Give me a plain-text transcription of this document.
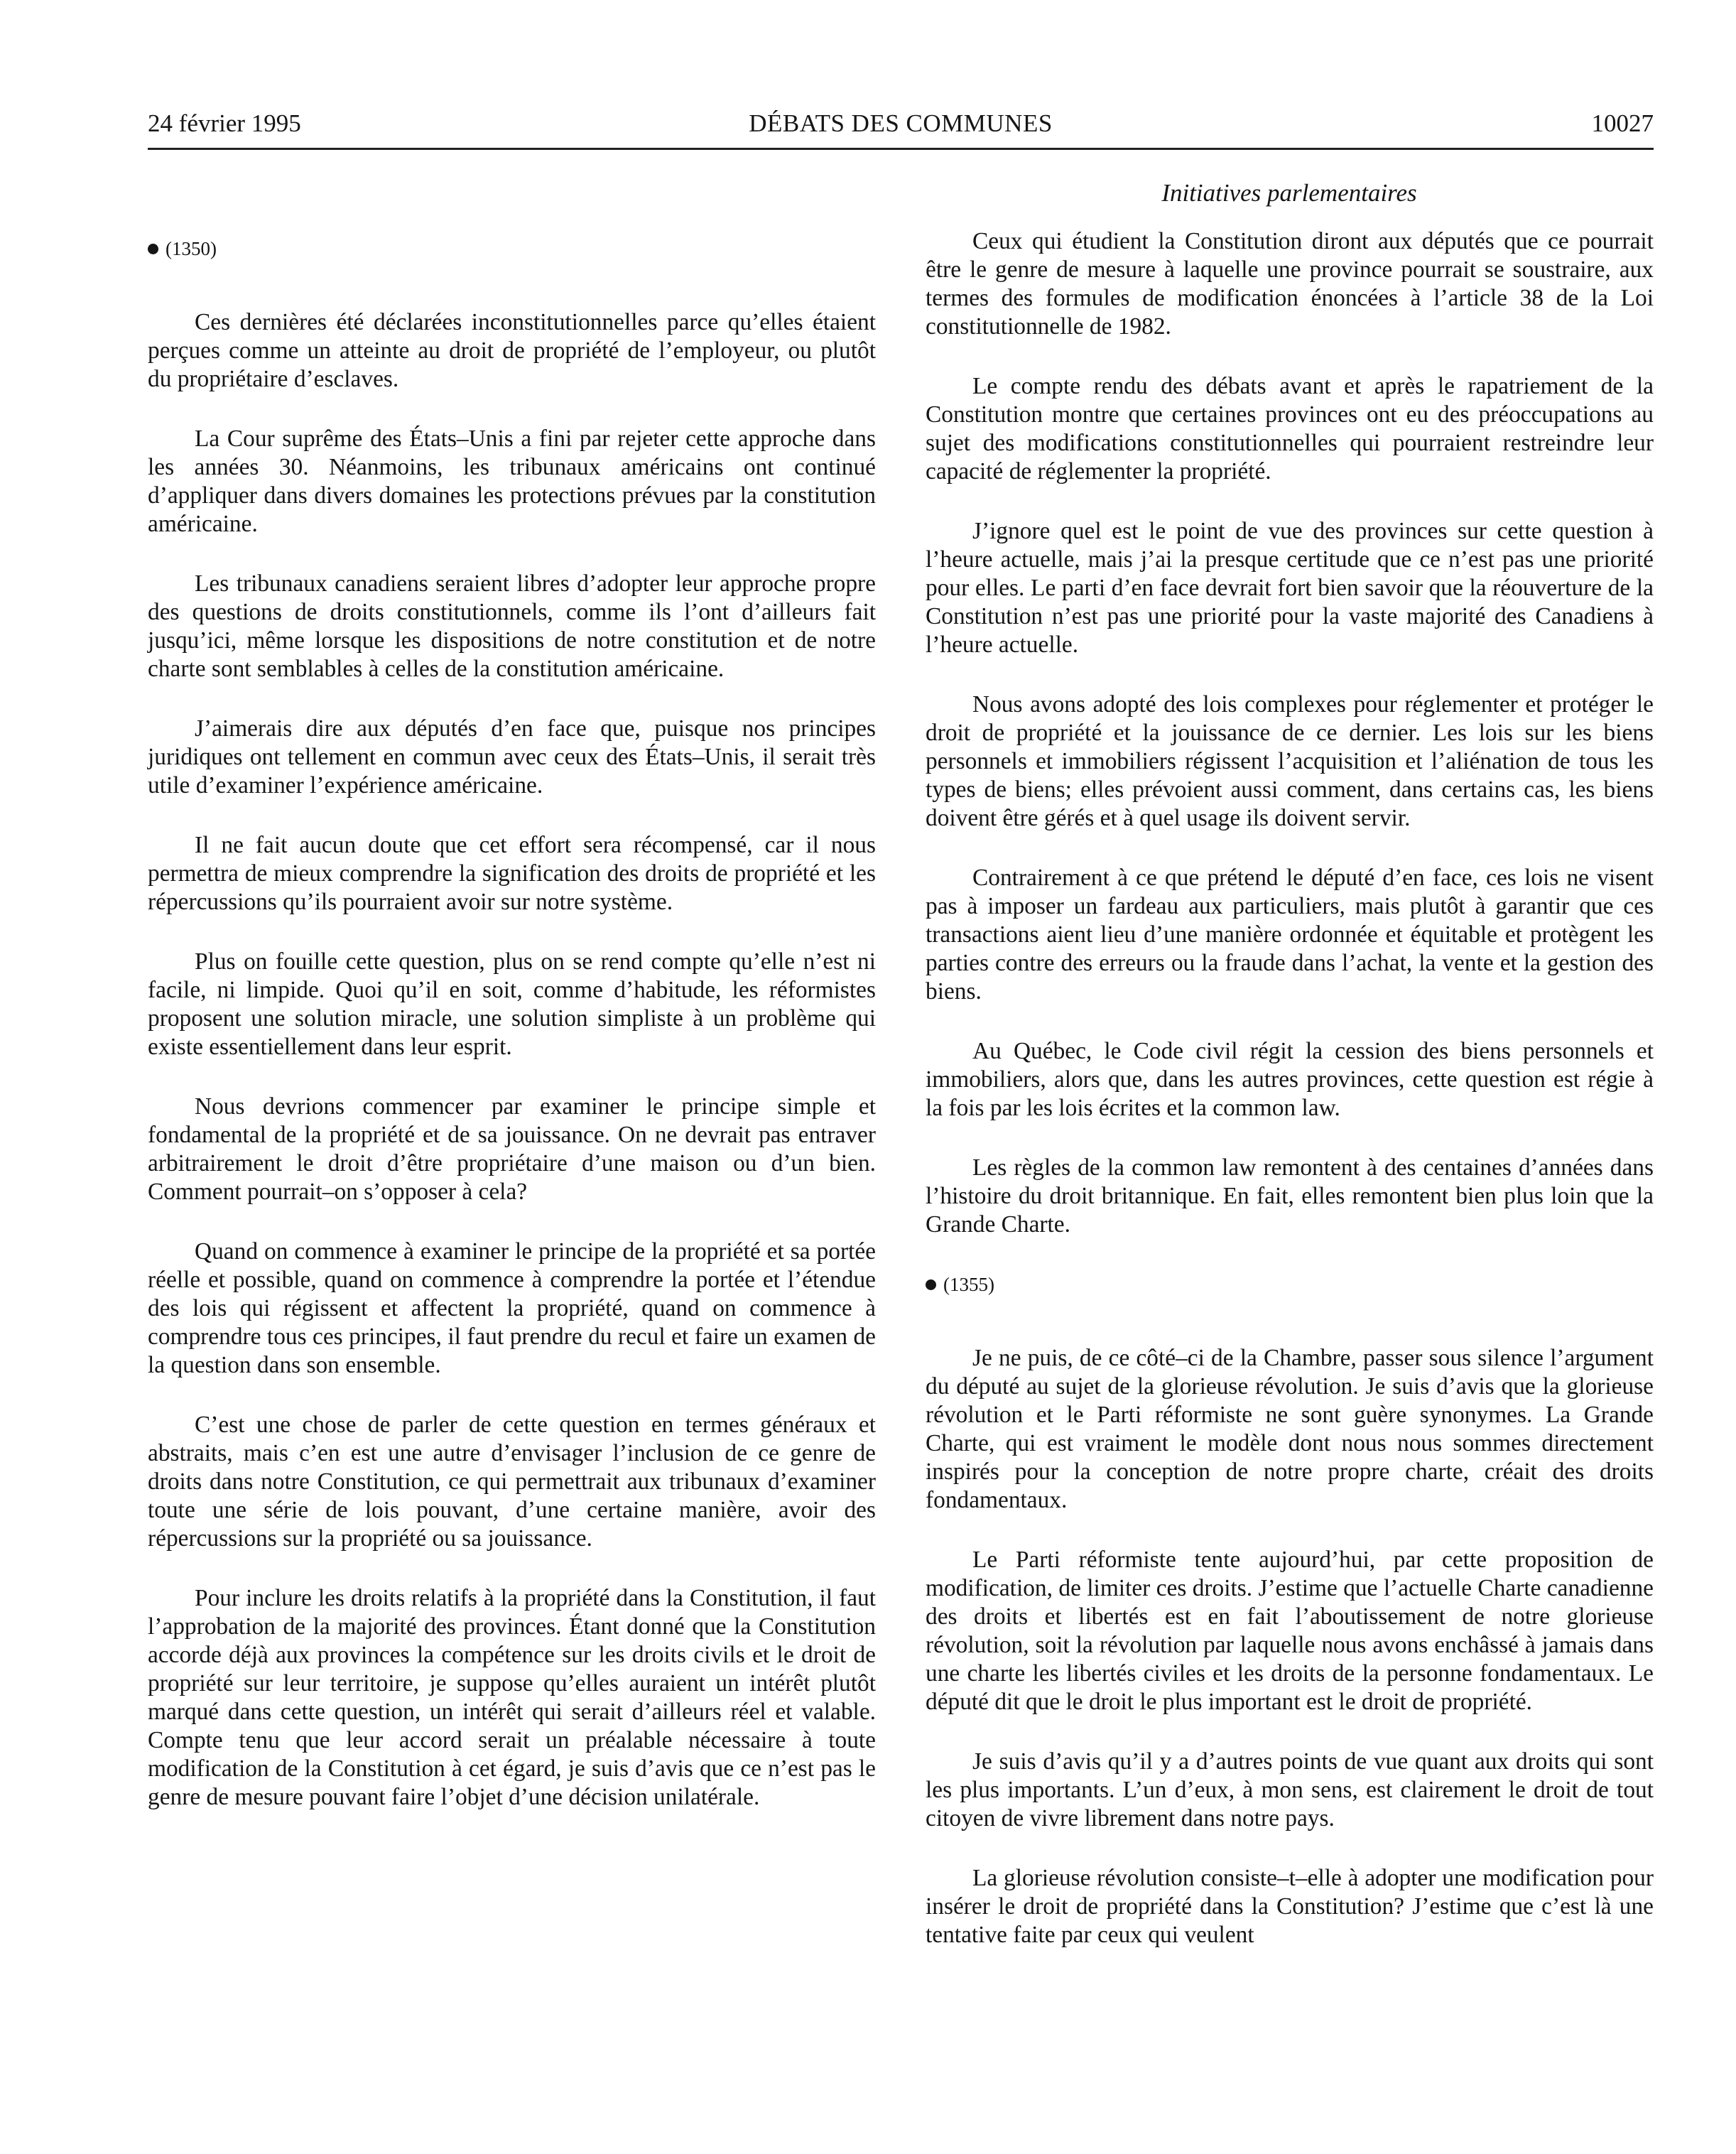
24 février 1995	DÉBATS DES COMMUNES	10027
Initiatives parlementaires
(1350)

Ces dernières été déclarées inconstitutionnelles parce qu’elles étaient perçues comme un atteinte au droit de propriété de l’employeur, ou plutôt du propriétaire d’esclaves.

La Cour suprême des États–Unis a fini par rejeter cette approche dans les années 30. Néanmoins, les tribunaux américains ont continué d’appliquer dans divers domaines les protections prévues par la constitution américaine.

Les tribunaux canadiens seraient libres d’adopter leur approche propre des questions de droits constitutionnels, comme ils l’ont d’ailleurs fait jusqu’ici, même lorsque les dispositions de notre constitution et de notre charte sont semblables à celles de la constitution américaine.

J’aimerais dire aux députés d’en face que, puisque nos principes juridiques ont tellement en commun avec ceux des États–Unis, il serait très utile d’examiner l’expérience américaine.

Il ne fait aucun doute que cet effort sera récompensé, car il nous permettra de mieux comprendre la signification des droits de propriété et les répercussions qu’ils pourraient avoir sur notre système.

Plus on fouille cette question, plus on se rend compte qu’elle n’est ni facile, ni limpide. Quoi qu’il en soit, comme d’habitude, les réformistes proposent une solution miracle, une solution simpliste à un problème qui existe essentiellement dans leur esprit.

Nous devrions commencer par examiner le principe simple et fondamental de la propriété et de sa jouissance. On ne devrait pas entraver arbitrairement le droit d’être propriétaire d’une maison ou d’un bien. Comment pourrait–on s’opposer à cela?

Quand on commence à examiner le principe de la propriété et sa portée réelle et possible, quand on commence à comprendre la portée et l’étendue des lois qui régissent et affectent la propriété, quand on commence à comprendre tous ces principes, il faut prendre du recul et faire un examen de la question dans son ensemble.

C’est une chose de parler de cette question en termes généraux et abstraits, mais c’en est une autre d’envisager l’inclusion de ce genre de droits dans notre Constitution, ce qui permettrait aux tribunaux d’examiner toute une série de lois pouvant, d’une certaine manière, avoir des répercussions sur la propriété ou sa jouissance.

Pour inclure les droits relatifs à la propriété dans la Constitution, il faut l’approbation de la majorité des provinces. Étant donné que la Constitution accorde déjà aux provinces la compétence sur les droits civils et le droit de propriété sur leur territoire, je suppose qu’elles auraient un intérêt plutôt marqué dans cette question, un intérêt qui serait d’ailleurs réel et valable. Compte tenu que leur accord serait un préalable nécessaire à toute modification de la Constitution à cet égard, je suis d’avis que ce n’est pas le genre de mesure pouvant faire l’objet d’une décision unilatérale.

Ceux qui étudient la Constitution diront aux députés que ce pourrait être le genre de mesure à laquelle une province pourrait se soustraire, aux termes des formules de modification énoncées à l’article 38 de la Loi constitutionnelle de 1982.

Le compte rendu des débats avant et après le rapatriement de la Constitution montre que certaines provinces ont eu des préoccupations au sujet des modifications constitutionnelles qui pourraient restreindre leur capacité de réglementer la propriété.

J’ignore quel est le point de vue des provinces sur cette question à l’heure actuelle, mais j’ai la presque certitude que ce n’est pas une priorité pour elles. Le parti d’en face devrait fort bien savoir que la réouverture de la Constitution n’est pas une priorité pour la vaste majorité des Canadiens à l’heure actuelle.

Nous avons adopté des lois complexes pour réglementer et protéger le droit de propriété et la jouissance de ce dernier. Les lois sur les biens personnels et immobiliers régissent l’acquisition et l’aliénation de tous les types de biens; elles prévoient aussi comment, dans certains cas, les biens doivent être gérés et à quel usage ils doivent servir.

Contrairement à ce que prétend le député d’en face, ces lois ne visent pas à imposer un fardeau aux particuliers, mais plutôt à garantir que ces transactions aient lieu d’une manière ordonnée et équitable et protègent les parties contre des erreurs ou la fraude dans l’achat, la vente et la gestion des biens.

Au Québec, le Code civil régit la cession des biens personnels et immobiliers, alors que, dans les autres provinces, cette question est régie à la fois par les lois écrites et la common law.

Les règles de la common law remontent à des centaines d’années dans l’histoire du droit britannique. En fait, elles remontent bien plus loin que la Grande Charte.

(1355)

Je ne puis, de ce côté–ci de la Chambre, passer sous silence l’argument du député au sujet de la glorieuse révolution. Je suis d’avis que la glorieuse révolution et le Parti réformiste ne sont guère synonymes. La Grande Charte, qui est vraiment le modèle dont nous nous sommes directement inspirés pour la conception de notre propre charte, créait des droits fondamentaux.

Le Parti réformiste tente aujourd’hui, par cette proposition de modification, de limiter ces droits. J’estime que l’actuelle Charte canadienne des droits et libertés est en fait l’aboutissement de notre glorieuse révolution, soit la révolution par laquelle nous avons enchâssé à jamais dans une charte les libertés civiles et les droits de la personne fondamentaux. Le député dit que le droit le plus important est le droit de propriété.

Je suis d’avis qu’il y a d’autres points de vue quant aux droits qui sont les plus importants. L’un d’eux, à mon sens, est clairement le droit de tout citoyen de vivre librement dans notre pays.

La glorieuse révolution consiste–t–elle à adopter une modification pour insérer le droit de propriété dans la Constitution? J’estime que c’est là une tentative faite par ceux qui veulent
